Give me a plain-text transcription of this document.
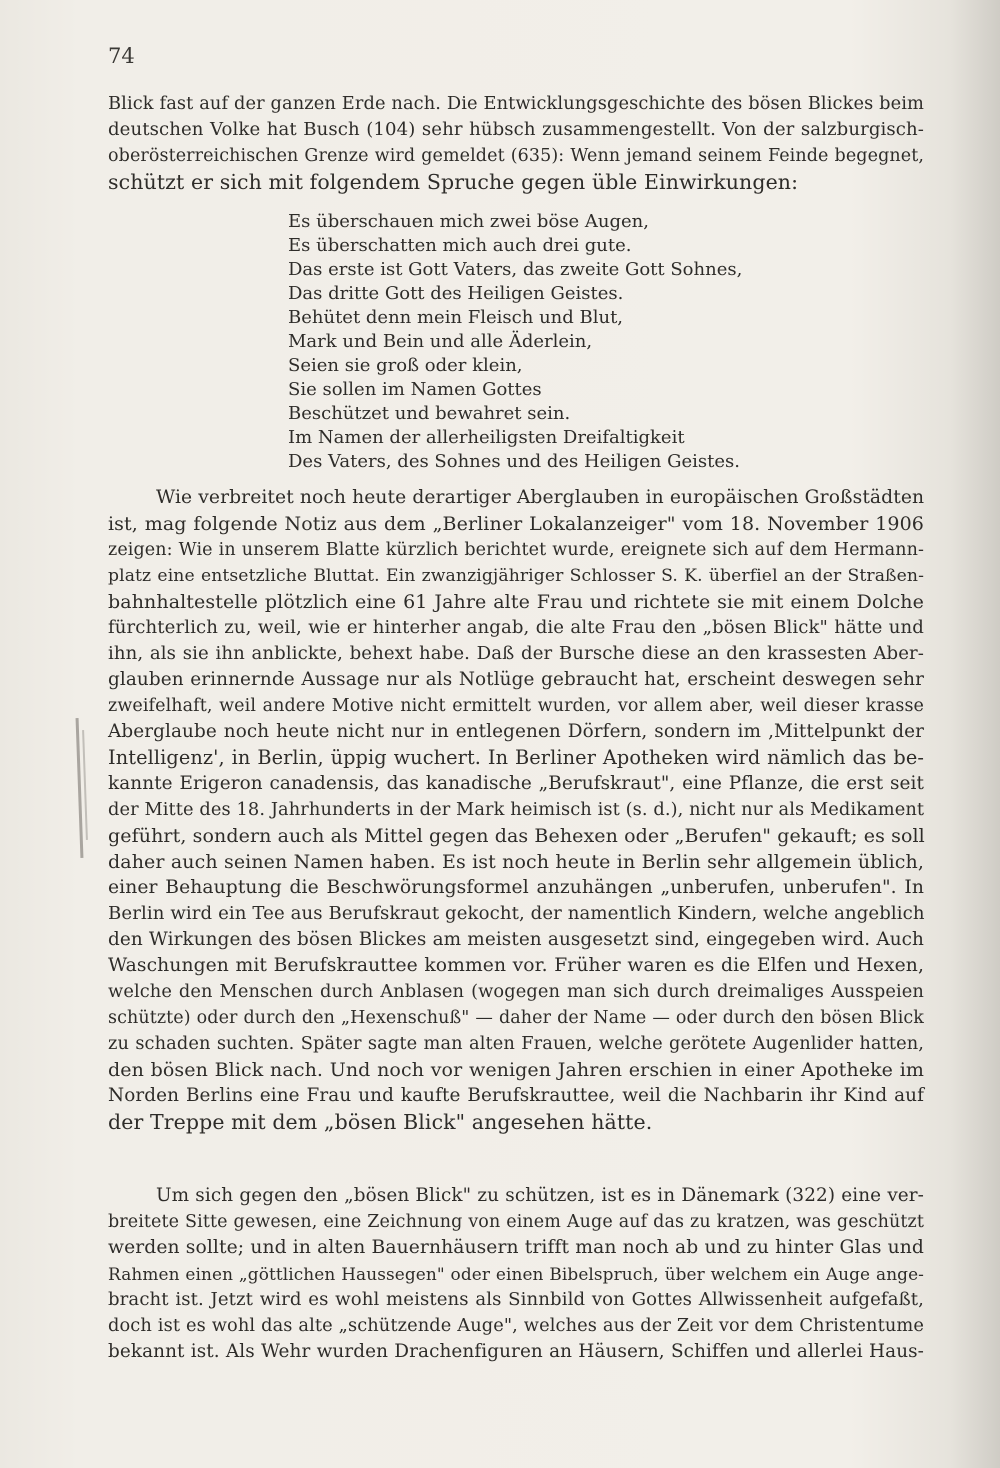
74
Blick fast auf der ganzen Erde nach. Die Entwicklungsgeschichte des bösen Blickes beim
deutschen Volke hat Busch (104) sehr hübsch zusammengestellt. Von der salzburgisch-
oberösterreichischen Grenze wird gemeldet (635): Wenn jemand seinem Feinde begegnet,
schützt er sich mit folgendem Spruche gegen üble Einwirkungen:
Es überschauen mich zwei böse Augen,
Es überschatten mich auch drei gute.
Das erste ist Gott Vaters, das zweite Gott Sohnes,
Das dritte Gott des Heiligen Geistes.
Behütet denn mein Fleisch und Blut,
Mark und Bein und alle Äderlein,
Seien sie groß oder klein,
Sie sollen im Namen Gottes
Beschützet und bewahret sein.
Im Namen der allerheiligsten Dreifaltigkeit
Des Vaters, des Sohnes und des Heiligen Geistes.
Wie verbreitet noch heute derartiger Aberglauben in europäischen Großstädten
ist, mag folgende Notiz aus dem „Berliner Lokalanzeiger" vom 18. November 1906
zeigen: Wie in unserem Blatte kürzlich berichtet wurde, ereignete sich auf dem Hermann-
platz eine entsetzliche Bluttat. Ein zwanzigjähriger Schlosser S. K. überfiel an der Straßen-
bahnhaltestelle plötzlich eine 61 Jahre alte Frau und richtete sie mit einem Dolche
fürchterlich zu, weil, wie er hinterher angab, die alte Frau den „bösen Blick" hätte und
ihn, als sie ihn anblickte, behext habe. Daß der Bursche diese an den krassesten Aber-
glauben erinnernde Aussage nur als Notlüge gebraucht hat, erscheint deswegen sehr
zweifelhaft, weil andere Motive nicht ermittelt wurden, vor allem aber, weil dieser krasse
Aberglaube noch heute nicht nur in entlegenen Dörfern, sondern im ‚Mittelpunkt der
Intelligenz', in Berlin, üppig wuchert. In Berliner Apotheken wird nämlich das be-
kannte Erigeron canadensis, das kanadische „Berufskraut", eine Pflanze, die erst seit
der Mitte des 18. Jahrhunderts in der Mark heimisch ist (s. d.), nicht nur als Medikament
geführt, sondern auch als Mittel gegen das Behexen oder „Berufen" gekauft; es soll
daher auch seinen Namen haben. Es ist noch heute in Berlin sehr allgemein üblich,
einer Behauptung die Beschwörungsformel anzuhängen „unberufen, unberufen". In
Berlin wird ein Tee aus Berufskraut gekocht, der namentlich Kindern, welche angeblich
den Wirkungen des bösen Blickes am meisten ausgesetzt sind, eingegeben wird. Auch
Waschungen mit Berufskrauttee kommen vor. Früher waren es die Elfen und Hexen,
welche den Menschen durch Anblasen (wogegen man sich durch dreimaliges Ausspeien
schützte) oder durch den „Hexenschuß" — daher der Name — oder durch den bösen Blick
zu schaden suchten. Später sagte man alten Frauen, welche gerötete Augenlider hatten,
den bösen Blick nach. Und noch vor wenigen Jahren erschien in einer Apotheke im
Norden Berlins eine Frau und kaufte Berufskrauttee, weil die Nachbarin ihr Kind auf
der Treppe mit dem „bösen Blick" angesehen hätte.
Um sich gegen den „bösen Blick" zu schützen, ist es in Dänemark (322) eine ver-
breitete Sitte gewesen, eine Zeichnung von einem Auge auf das zu kratzen, was geschützt
werden sollte; und in alten Bauernhäusern trifft man noch ab und zu hinter Glas und
Rahmen einen „göttlichen Haussegen" oder einen Bibelspruch, über welchem ein Auge ange-
bracht ist. Jetzt wird es wohl meistens als Sinnbild von Gottes Allwissenheit aufgefaßt,
doch ist es wohl das alte „schützende Auge", welches aus der Zeit vor dem Christentume
bekannt ist. Als Wehr wurden Drachenfiguren an Häusern, Schiffen und allerlei Haus-
